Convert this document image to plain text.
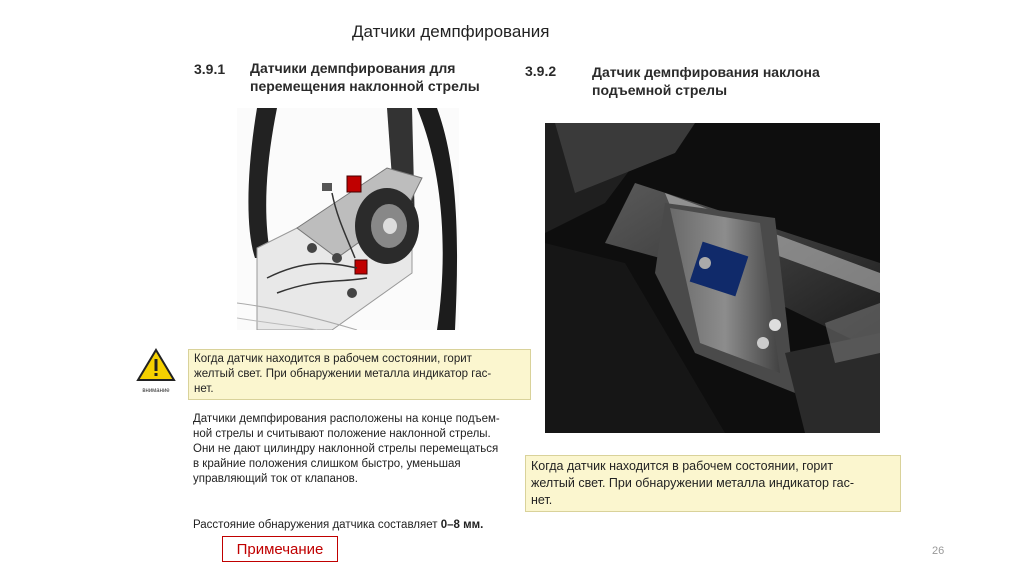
Датчики демпфирования
3.9.1 Датчики демпфирования для
перемещения наклонной стрелы
внимание
Когда датчик находится в рабочем состоянии, горит
желтый свет. При обнаружении металла индикатор гас-
нет.
Датчики демпфирования расположены на конце подъем-
ной стрелы и считывают положение наклонной стрелы.
Они не дают цилиндру наклонной стрелы перемещаться
в крайние положения слишком быстро, уменьшая
управляющий ток от клапанов.

Расстояние обнаружения датчика составляет 0–8 мм.

3.9.2	Датчик демпфирования наклона
подъемной стрелы
Когда датчик находится в рабочем состоянии, горит
желтый свет. При обнаружении металла индикатор гас-
нет.
Примечание	26
